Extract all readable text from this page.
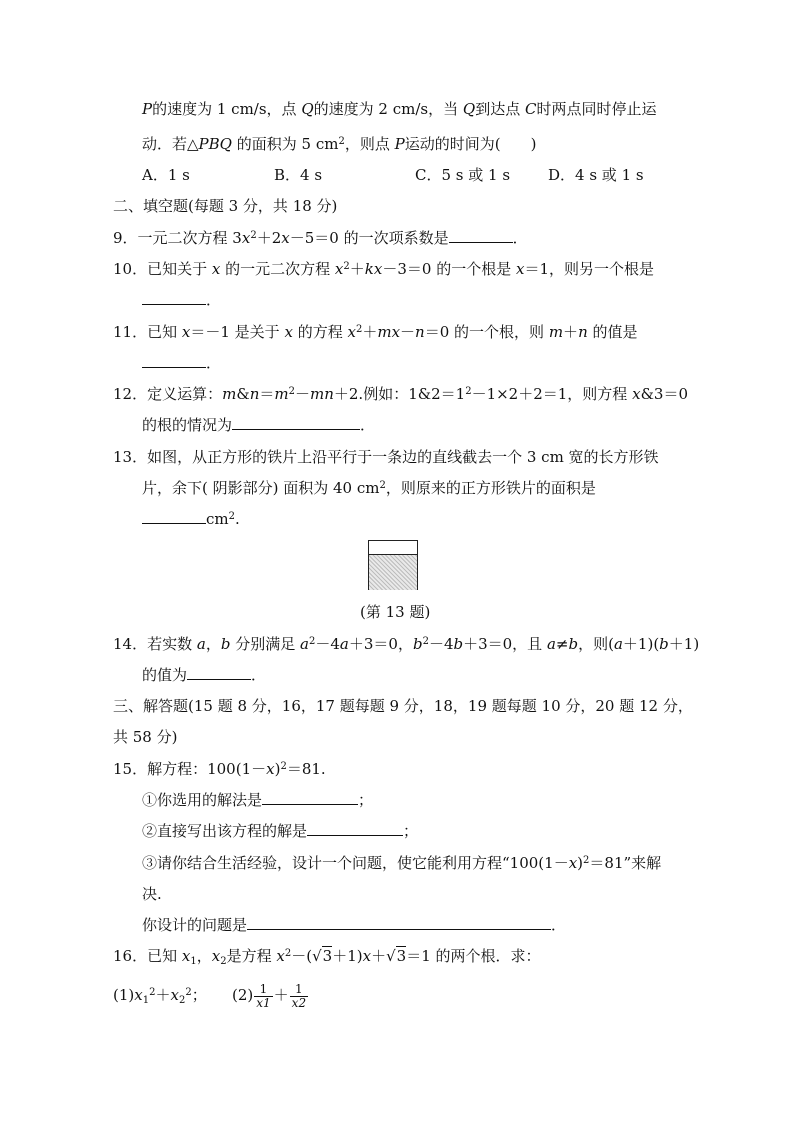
P的速度为 1 cm/s，点 Q的速度为 2 cm/s，当 Q到达点 C时两点同时停止运
动．若△PBQ 的面积为 5 $cm^2$，则点 P运动的时间为(　　)
A．1 s	B．4 s	C．5 s 或 1 s	D．4 s 或 1 s
二、填空题(每题 3 分，共 18 分)
9．一元二次方程 $3x^2+2x-5=0$ 的一次项系数是	．
10．已知关于 x 的一元二次方程 $x^2+kx-3=0$ 的一个根是 x＝1，则另一个根是
．
11．已知 x＝－1 是关于 x 的方程 $x^2+mx-n=0$ 的一个根，则 m＋n 的值是
．
12．定义运算：$m\&n=m^2-mn+2$.例如：$1\&2=1^2-1\times 2+2=1$，则方程 x&3＝0
的根的情况为	．
13．如图，从正方形的铁片上沿平行于一条边的直线截去一个 3 cm 宽的长方形铁
片，余下( 阴影部分) 面积为 40 $cm^2$，则原来的正方形铁片的面积是
$cm^2$.
(第 13 题)
14．若实数 a，b 分别满足 $a^2-4a+3=0$，$b^2-4b+3=0$，且 a≠b，则(a＋1)(b＋1)
的值为	．
三、解答题(15 题 8 分，16，17 题每题 9 分，18，19 题每题 10 分，20 题 12 分，
共 58 分)
15．解方程：$100(1-x)^2=81$.
①你选用的解法是	；
②直接写出该方程的解是	；
③请你结合生活经验，设计一个问题，使它能利用方程“$100(1-x)^2=81$”来解
决.
你设计的问题是	．
16．已知 $x_1$，$x_2$是方程 $x^2-(√3+1)x+√3=1$ 的两个根．求：
$(1)x_1^2+x_2^2$； $(2) \frac{1}{x1} + \frac{1}{x2}$
